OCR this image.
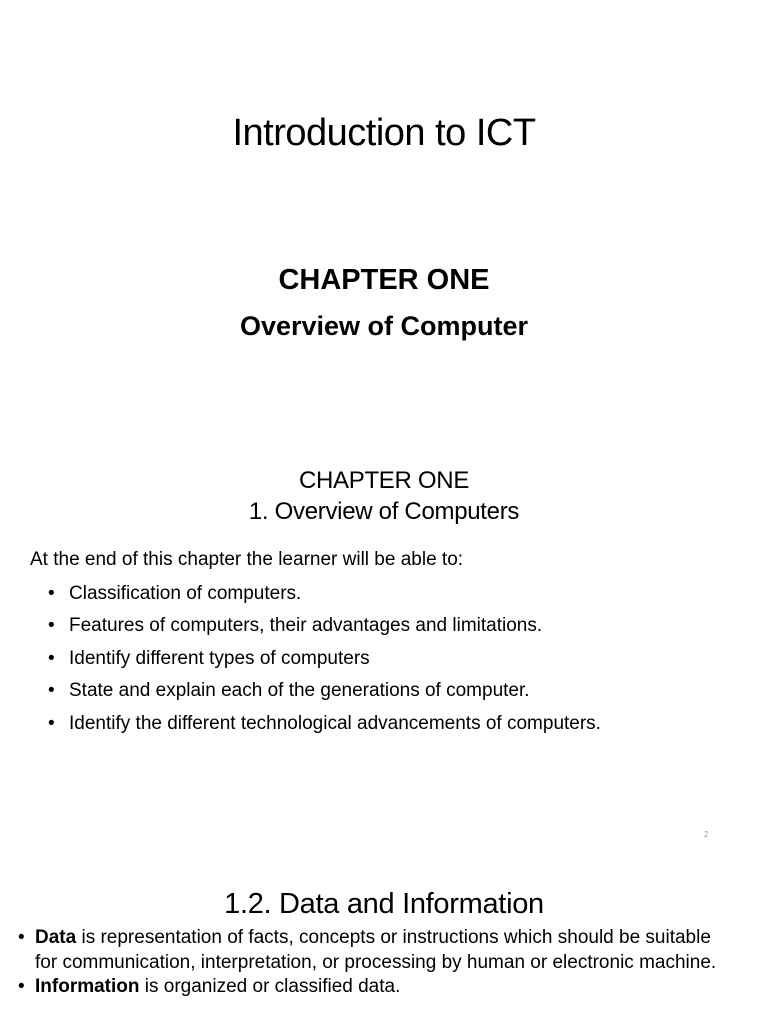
Introduction to ICT
CHAPTER ONE
Overview of Computer
CHAPTER ONE
1. Overview of Computers
At the end of this chapter the learner will be able to:
• Classification of computers.
• Features of computers, their advantages and limitations.
• Identify different types of computers
• State and explain each of the generations of computer.
• Identify the different technological advancements of computers.
2
1.2. Data and Information
• Data is representation of facts, concepts or instructions which should be suitable for communication, interpretation, or processing by human or electronic machine.
• Information is organized or classified data.
